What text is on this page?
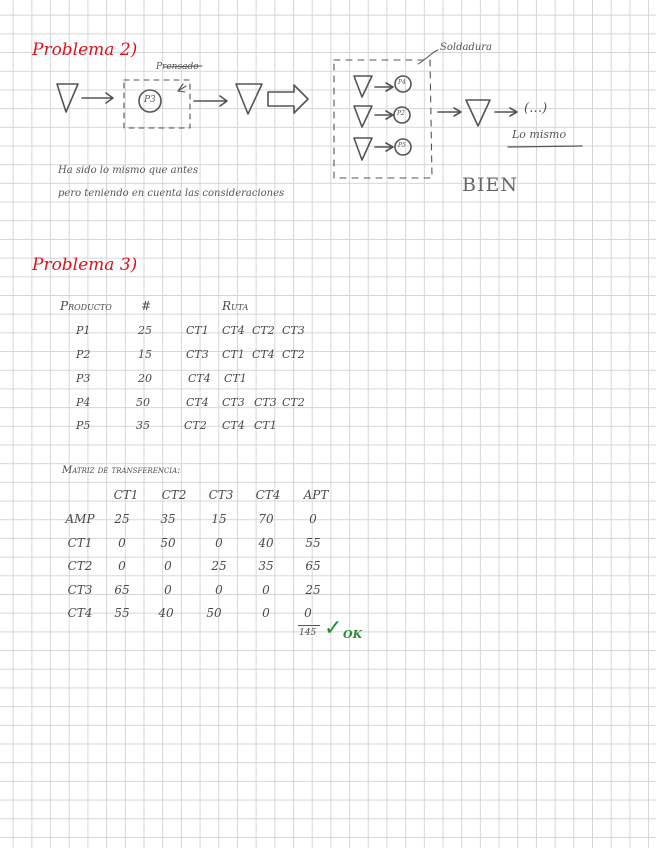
Problema 2)
Prensado
P3
Soldadura
P4
P2
P5
(…)
Lo mismo
Ha sido lo mismo que antes
pero teniendo en cuenta las consideraciones	BIEN
Problema 3)
Producto #	Ruta
P1	25	CT1 CT4 CT2 CT3
P2	15	CT3 CT1 CT4 CT2
P3	20	CT4 CT1
P4	50	CT4 CT3 CT3 CT2
P5	35	CT2 CT4 CT1
Matriz de transferencia:
CT1 CT2 CT3 CT4 APT
AMP 25	35	15	70	0
CT1 0	50	0	40	55
CT2 0	0	25	35	65
CT3 65	0	0	0	25
CT4 55 40	50	0	0
145 ✓ OK
